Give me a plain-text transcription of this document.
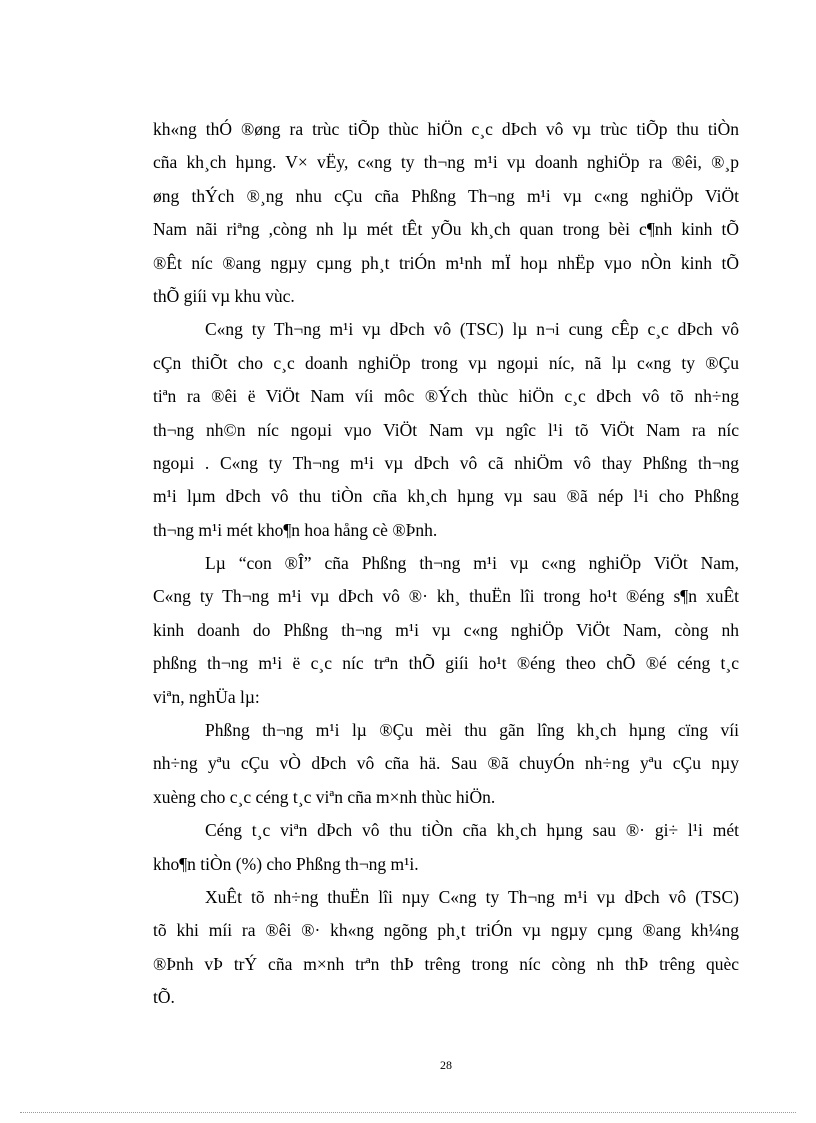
kh«ng thÓ ®øng ra trùc tiÕp thùc hiÖn c¸c dÞch vô vµ trùc tiÕp thu tiÒn
cña kh¸ch hµng. V× vËy, c«ng ty th¬ng m¹i vµ doanh nghiÖp ra ®êi, ®¸p
øng thÝch ®¸ng nhu cÇu cña Phßng Th¬ng m¹i vµ c«ng nghiÖp ViÖt
Nam nãi riªng ,còng nh lµ mét tÊt yÕu kh¸ch quan trong bèi c¶nh kinh tÕ
®Êt níc ®ang ngµy cµng ph¸t triÓn m¹nh mÏ hoµ nhËp vµo nÒn kinh tÕ
thÕ giíi vµ khu vùc.
C«ng ty Th¬ng m¹i vµ dÞch vô (TSC) lµ n¬i cung cÊp c¸c dÞch vô
cÇn thiÕt cho c¸c doanh nghiÖp trong vµ ngoµi níc, nã lµ c«ng ty ®Çu
tiªn ra ®êi ë ViÖt Nam víi môc ®Ých thùc hiÖn c¸c dÞch vô tõ nh÷ng
th¬ng nh©n níc ngoµi vµo ViÖt Nam vµ ngîc l¹i tõ ViÖt Nam ra níc
ngoµi . C«ng ty Th¬ng m¹i vµ dÞch vô cã nhiÖm vô thay Phßng th¬ng
m¹i lµm dÞch vô thu tiÒn cña kh¸ch hµng vµ sau ®ã nép l¹i cho Phßng
th¬ng m¹i mét kho¶n hoa hång cè ®Þnh.
Lµ “con ®Î” cña Phßng th¬ng m¹i vµ c«ng nghiÖp ViÖt Nam,
C«ng ty Th¬ng m¹i vµ dÞch vô ®· kh¸ thuËn lîi trong ho¹t ®éng s¶n xuÊt
kinh doanh do Phßng th¬ng m¹i vµ c«ng nghiÖp ViÖt Nam, còng nh
phßng th¬ng m¹i ë c¸c níc trªn thÕ giíi ho¹t ®éng theo chÕ ®é céng t¸c
viªn, nghÜa lµ:
Phßng th¬ng m¹i lµ ®Çu mèi thu gãn lîng kh¸ch hµng cïng víi
nh÷ng yªu cÇu vÒ dÞch vô cña hä. Sau ®ã chuyÓn nh÷ng yªu cÇu nµy
xuèng cho c¸c céng t¸c viªn cña m×nh thùc hiÖn.
Céng t¸c viªn dÞch vô thu tiÒn cña kh¸ch hµng sau ®· gi÷ l¹i mét
kho¶n tiÒn (%) cho Phßng th¬ng m¹i.
XuÊt tõ nh÷ng thuËn lîi nµy C«ng ty Th¬ng m¹i vµ dÞch vô (TSC)
tõ khi míi ra ®êi ®· kh«ng ngõng ph¸t triÓn vµ ngµy cµng ®ang kh¼ng
®Þnh vÞ trÝ cña m×nh trªn thÞ trêng trong níc còng nh thÞ trêng quèc
tÕ.
28
